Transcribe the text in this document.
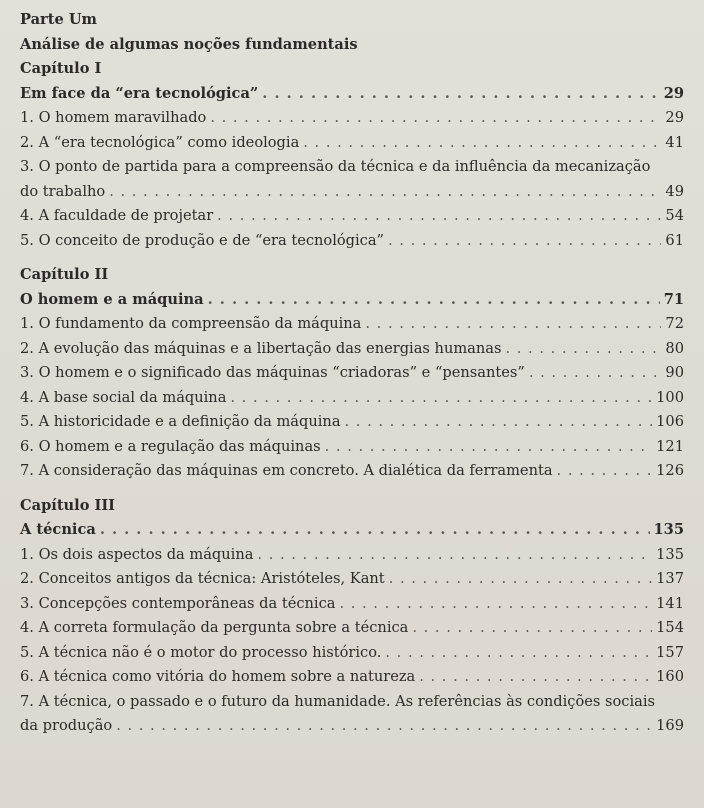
Parte Um
Análise de algumas noções fundamentais
Capítulo I
Em face da “era tecnológica” . . .	29
1. O homem maravilhado . . .	29
2. A “era tecnológica” como ideologia . . .	41
3. O ponto de partida para a compreensão da técnica e da influência da mecanização
do trabalho . . .	49
4. A faculdade de projetar . . .	54
5. O conceito de produção e de “era tecnológica” . . .	61
Capítulo II
O homem e a máquina . . .	71
1. O fundamento da compreensão da máquina . . .	72
2. A evolução das máquinas e a libertação das energias humanas . . .	80
3. O homem e o significado das máquinas “criadoras” e “pensantes” . . .	90
4. A base social da máquina . . .	100
5. A historicidade e a definição da máquina . . .	106
6. O homem e a regulação das máquinas . . .	121
7. A consideração das máquinas em concreto. A dialética da ferramenta . . .	126
Capítulo III
A técnica . . .	135
1. Os dois aspectos da máquina . . .	135
2. Conceitos antigos da técnica: Aristóteles, Kant . . .	137
3. Concepções contemporâneas da técnica . . .	141
4. A correta formulação da pergunta sobre a técnica . . .	154
5. A técnica não é o motor do processo histórico. . . .	157
6. A técnica como vitória do homem sobre a natureza . . .	160
7. A técnica, o passado e o futuro da humanidade. As referências às condições sociais
da produção . . .	169
